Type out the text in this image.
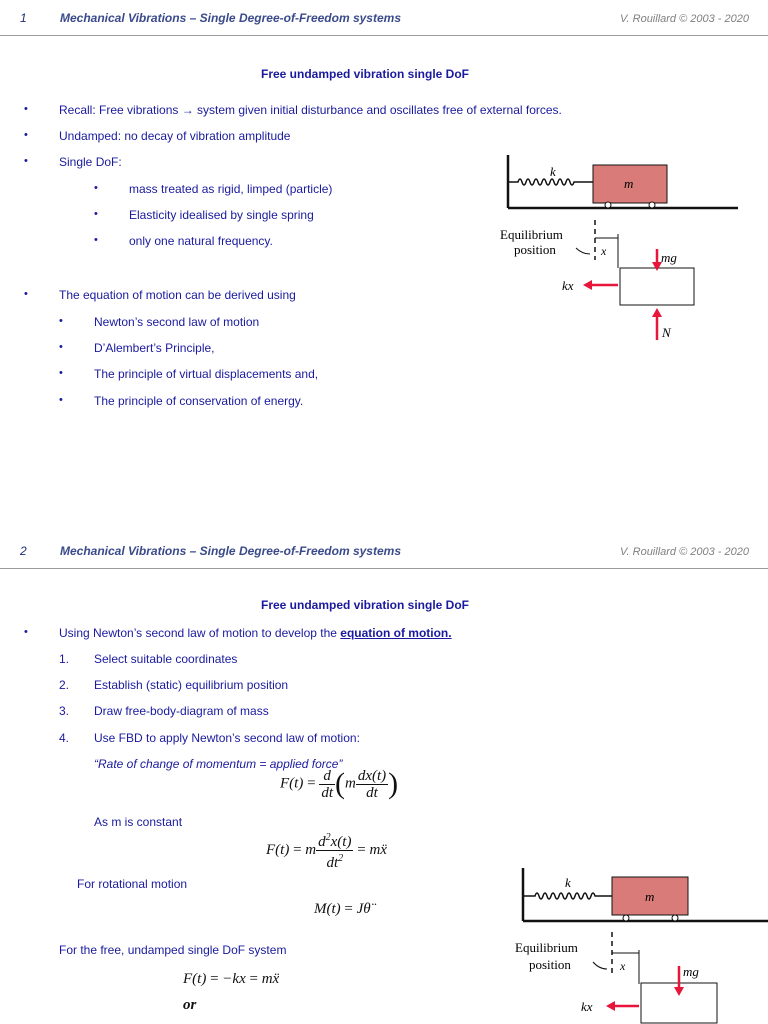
1	Mechanical Vibrations – Single Degree-of-Freedom systems	V. Rouillard © 2003 - 2020
Free undamped vibration single DoF
•	Recall: Free vibrations → system given initial disturbance and oscillates free of external forces.
•	Undamped: no decay of vibration amplitude
•	Single DoF:
•	mass treated as rigid, limped (particle)
•	Elasticity idealised by single spring
•	only one natural frequency.
•	The equation of motion can be derived using
•	Newton’s second law of motion
•	D’Alembert’s Principle,
•	The principle of virtual displacements and,
•	The principle of conservation of energy.
k
m
Equilibrium
position	x	mg
kx
N
2	Mechanical Vibrations – Single Degree-of-Freedom systems	V. Rouillard © 2003 - 2020
Free undamped vibration single DoF
•	Using Newton’s second law of motion to develop the equation of motion.
1. Select suitable coordinates
2. Establish (static) equilibrium position
3. Draw free-body-diagram of mass
4. Use FBD to apply Newton’s second law of motion:
“Rate of change of momentum = applied force”
$F(t) = \frac{d}{dt} (m \frac{dx(t)}{dt}$ )
As m is constant
F(t) = m $\frac{d^2x(t)}{dt^2}$ = mẍ
For rotational motion
M(t) = Jθ̈
For the free, undamped single DoF system
F(t) = −kx = mẍ
or
k
m
Equilibrium
position	x	mg
kx
